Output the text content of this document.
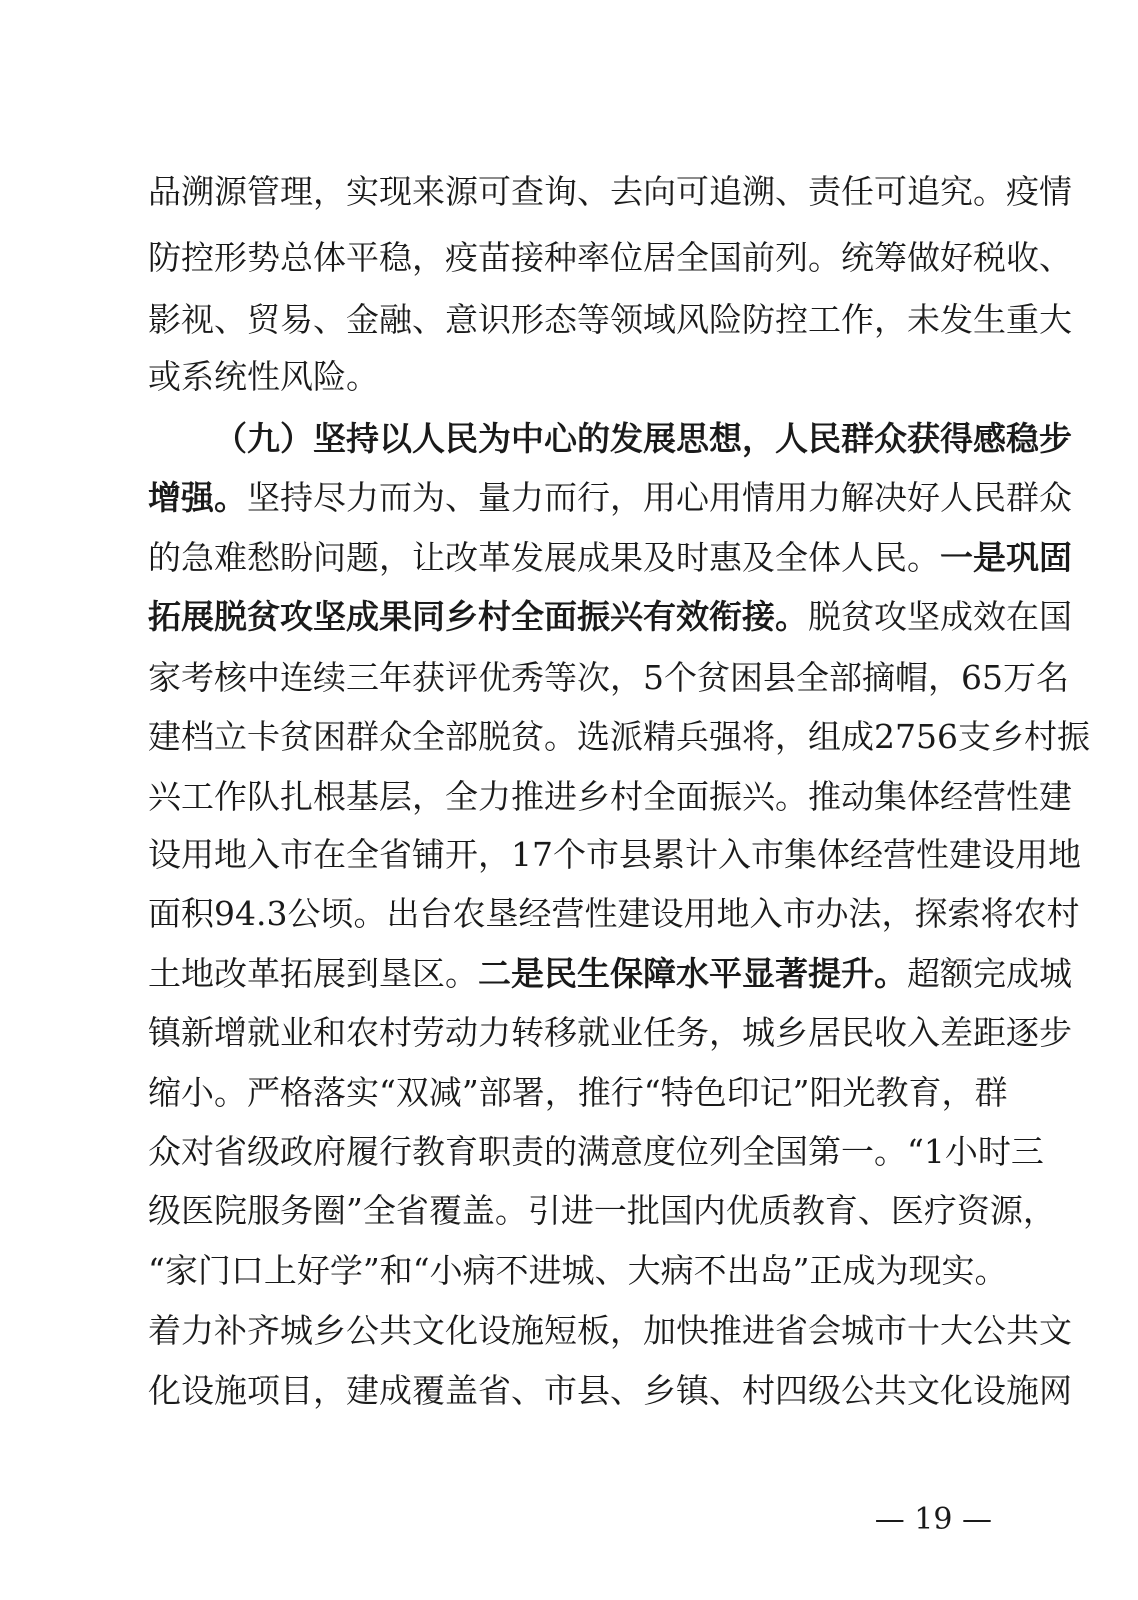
品溯源管理，实现来源可查询、去向可追溯、责任可追究。疫情
防控形势总体平稳，疫苗接种率位居全国前列。统筹做好税收、
影视、贸易、金融、意识形态等领域风险防控工作，未发生重大
或系统性风险。
（九）坚持以人民为中心的发展思想，人民群众获得感稳步
增强。坚持尽力而为、量力而行，用心用情用力解决好人民群众
的急难愁盼问题，让改革发展成果及时惠及全体人民。一是巩固
拓展脱贫攻坚成果同乡村全面振兴有效衔接。脱贫攻坚成效在国
家考核中连续三年获评优秀等次，5个贫困县全部摘帽，65万名
建档立卡贫困群众全部脱贫。选派精兵强将，组成2756支乡村振
兴工作队扎根基层，全力推进乡村全面振兴。推动集体经营性建
设用地入市在全省铺开，17个市县累计入市集体经营性建设用地
面积94.3公顷。出台农垦经营性建设用地入市办法，探索将农村
土地改革拓展到垦区。二是民生保障水平显著提升。超额完成城
镇新增就业和农村劳动力转移就业任务，城乡居民收入差距逐步
缩小。严格落实“双减”部署，推行“特色印记”阳光教育，群
众对省级政府履行教育职责的满意度位列全国第一。“1小时三
级医院服务圈”全省覆盖。引进一批国内优质教育、医疗资源，
“家门口上好学”和“小病不进城、大病不出岛”正成为现实。
着力补齐城乡公共文化设施短板，加快推进省会城市十大公共文
化设施项目，建成覆盖省、市县、乡镇、村四级公共文化设施网
— 19 —
